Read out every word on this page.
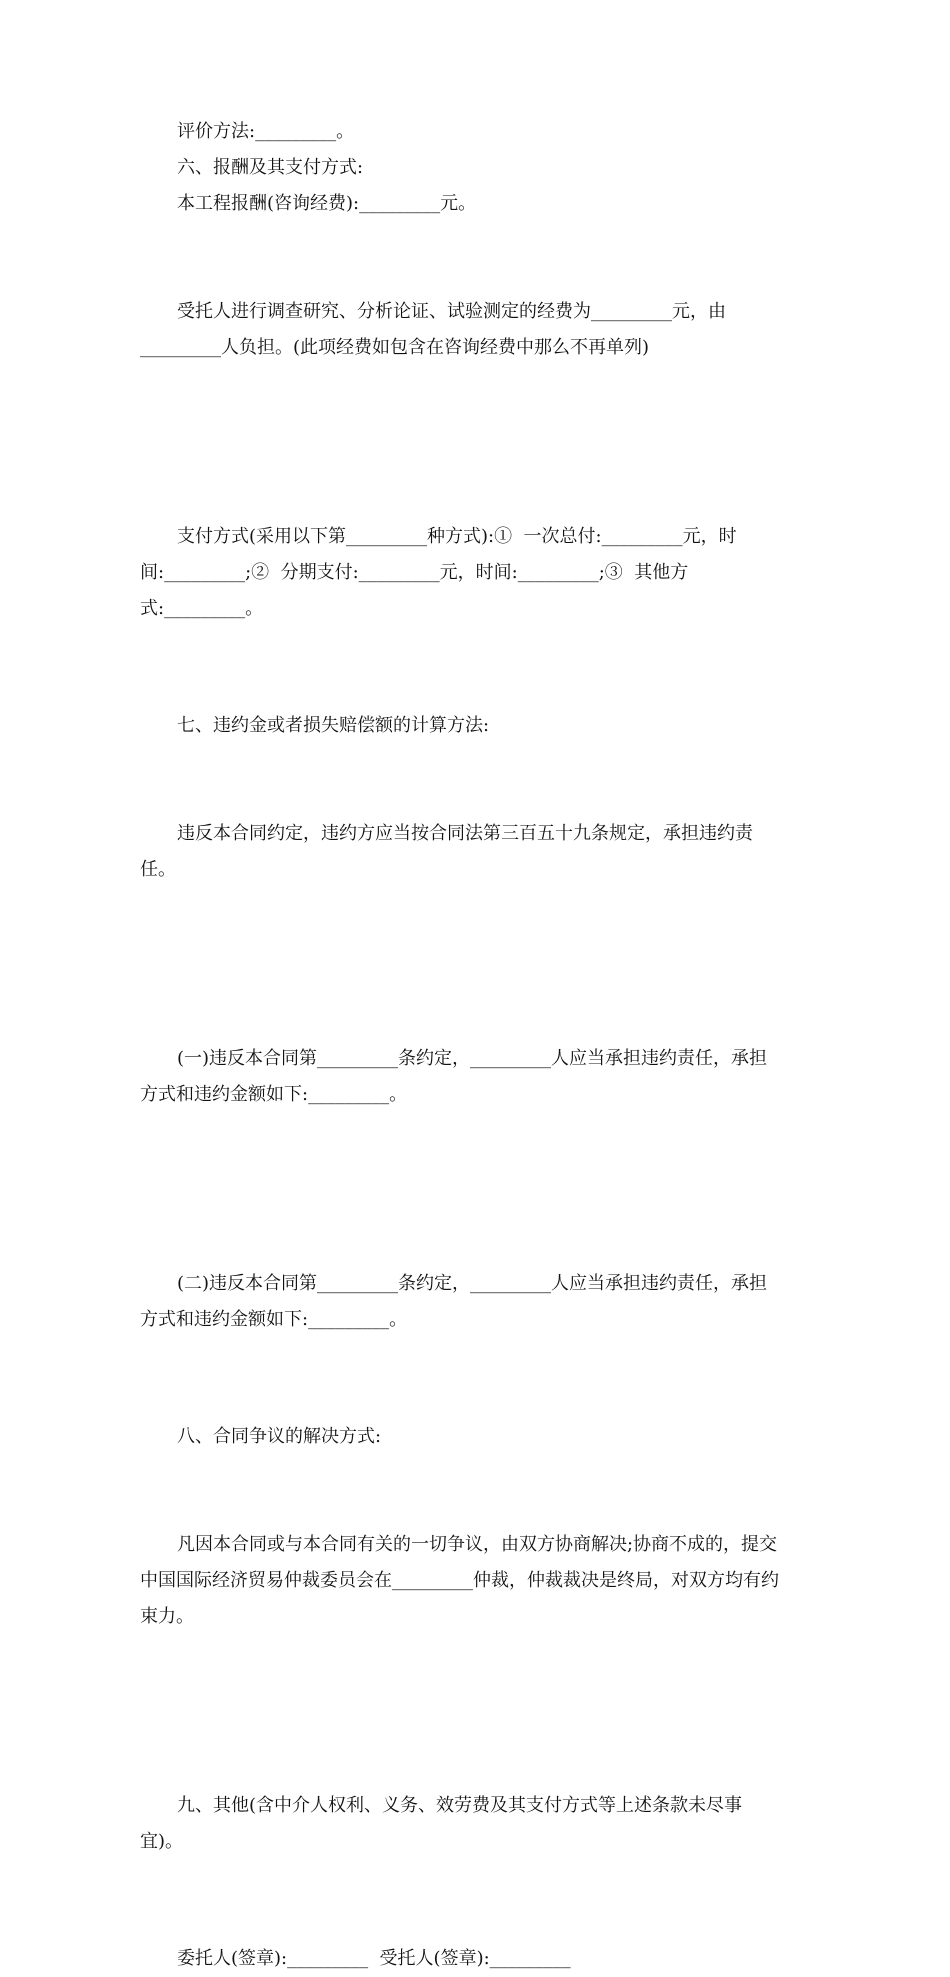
评价方法:_________。
六、报酬及其支付方式:
本工程报酬(咨询经费):_________元。

受托人进行调查研究、分析论证、试验测定的经费为_________元，由
_________人负担。(此项经费如包含在咨询经费中那么不再单列)

支付方式(采用以下第_________种方式):①  一次总付:_________元，时
间:_________;②  分期支付:_________元，时间:_________;③  其他方
式:_________。

七、违约金或者损失赔偿额的计算方法:

违反本合同约定，违约方应当按合同法第三百五十九条规定，承担违约责
任。

(一)违反本合同第_________条约定，_________人应当承担违约责任，承担
方式和违约金额如下:_________。

(二)违反本合同第_________条约定，_________人应当承担违约责任，承担
方式和违约金额如下:_________。

八、合同争议的解决方式:

凡因本合同或与本合同有关的一切争议，由双方协商解决;协商不成的，提交
中国国际经济贸易仲裁委员会在_________仲裁，仲裁裁决是终局，对双方均有约
束力。

九、其他(含中介人权利、义务、效劳费及其支付方式等上述条款未尽事
宜)。

委托人(签章):_________  受托人(签章):_________
